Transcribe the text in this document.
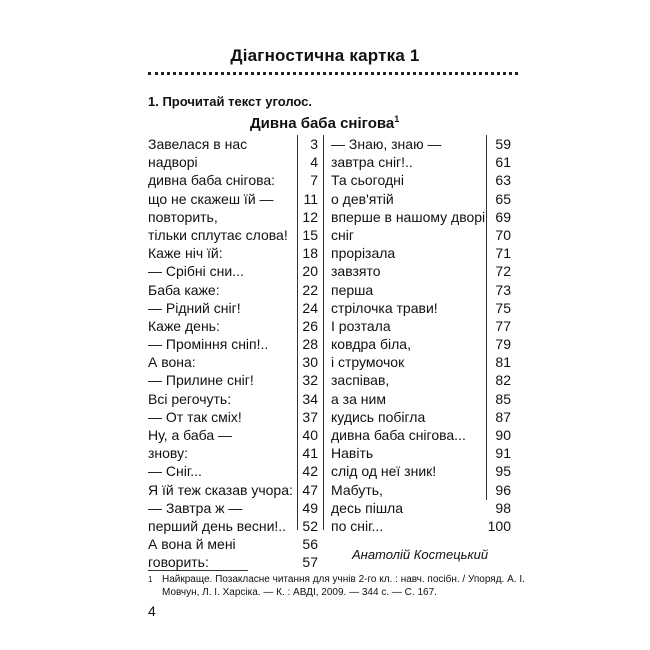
Діагностична картка 1
1. Прочитай текст уголос.
Дивна баба снігова$^1$
Завелася в нас
надворі
дивна баба снігова:
що не скажеш їй —
повторить,
тільки сплутає слова!
Каже ніч їй:
— Срібні сни...
Баба каже:
— Рідний сніг!
Каже день:
— Проміння сніп!..
А вона:
— Прилине сніг!
Всі регочуть:
— От так сміх!
Ну, а баба —
знову:
— Сніг...
Я їй теж сказав учора:
— Завтра ж —
перший день весни!..
А вона й мені
говорить:
3
4
7
11
12
15
18
20
22
24
26
28
30
32
34
37
40
41
42
47
49
52
56
57
— Знаю, знаю —
завтра сніг!..
Та сьогодні
о дев'ятій
вперше в нашому дворі
сніг
прорізала
завзято
перша
стрілочка трави!
І розтала
ковдра біла,
і струмочок
заспівав,
а за ним
кудись побігла
дивна баба снігова...
Навіть
слід од неї зник!
Мабуть,
десь пішла
по сніг...
59
61
63
65
69
70
71
72
73
75
77
79
81
82
85
87
90
91
95
96
98
100
Анатолій Костецький
1 Найкраще. Позакласне читання для учнів 2-го кл. : навч. посібн. / Упоряд. А. І. Мовчун, Л. І. Харсіка. — К. : АВДІ, 2009. — 344 с. — С. 167.
4
